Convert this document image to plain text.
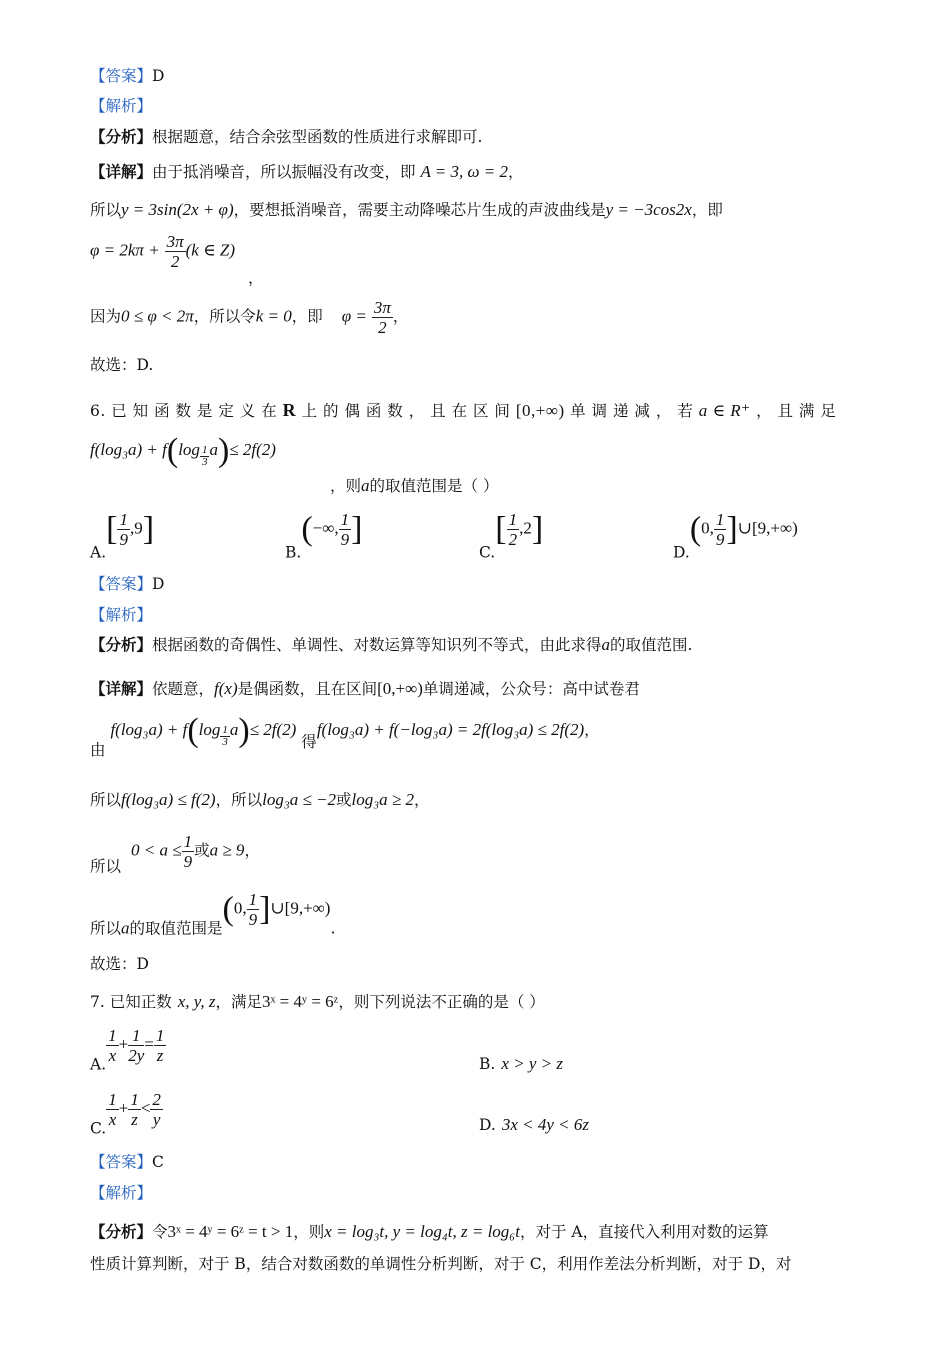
【答案】D
【解析】
【分析】根据题意，结合余弦型函数的性质进行求解即可.
【详解】由于抵消噪音，所以振幅没有改变，即 A = 3, ω = 2，
所以y = 3sin(2x + φ)，要想抵消噪音，需要主动降噪芯片生成的声波曲线是y = −3cos2x，即
$\varphi = 2k\pi + \frac{3\pi}{2} (k$ ∈ Z)
，
因为0 ≤ φ < 2π，所以令k = 0，即 $\varphi = \frac{3\pi}{2}$ ，
故选：D.
6. 已 知 函 数 是 定 义 在 R 上 的 偶 函 数 ， 且 在 区 间 [0,+∞) 单 调 递 减 ， 若 a ∈ R⁺ ， 且 满 足
$f(\log_3a) + f(\log \frac{1}{3} a)\le 2f(2)$
，则a的取值范围是（ ）
$A.[ \frac{1}{9} ,9]$
B.(−∞, $\frac{1}{9}$ ]
$C.[ \frac{1}{2} ,2]$
D.(0, $\frac{1}{9}$ ]∪[9,+∞)
【答案】D
【解析】
【分析】根据函数的奇偶性、单调性、对数运算等知识列不等式，由此求得a的取值范围.
【详解】依题意，f(x)是偶函数，且在区间[0,+∞)单调递减，公众号：高中试卷君
由 $f(\log_3a) + f(\log \frac{1}{3} a)\le 2f(2)$ 得f(log₃a) + f(−log₃a) = 2f(log₃a) ≤ 2f(2)，
所以f(log₃a) ≤ f(2)，所以log₃a ≤ −2或log₃a ≥ 2，
所以$0 < a \le \frac{1}{9}$ 或a ≥ 9，
所以a的取值范围是(0, $\frac{1}{9}$ ]∪[9,+∞).
故选：D
7. 已知正数 x, y, z，满足3ˣ = 4ʸ = 6ᶻ，则下列说法不正确的是（ ）
A. $\frac{1}{x} + \frac{1}{2y} = \frac{1}{z}$	B. x > y > z
C. $\frac{1}{x} + \frac{1}{z} < \frac{2}{y}$	D. 3x < 4y < 6z
【答案】C
【解析】
【分析】令3ˣ = 4ʸ = 6ᶻ = t > 1，则x = log₃t, y = log₄t, z = log₆t，对于 A，直接代入利用对数的运算
性质计算判断，对于 B，结合对数函数的单调性分析判断，对于 C，利用作差法分析判断，对于 D，对
